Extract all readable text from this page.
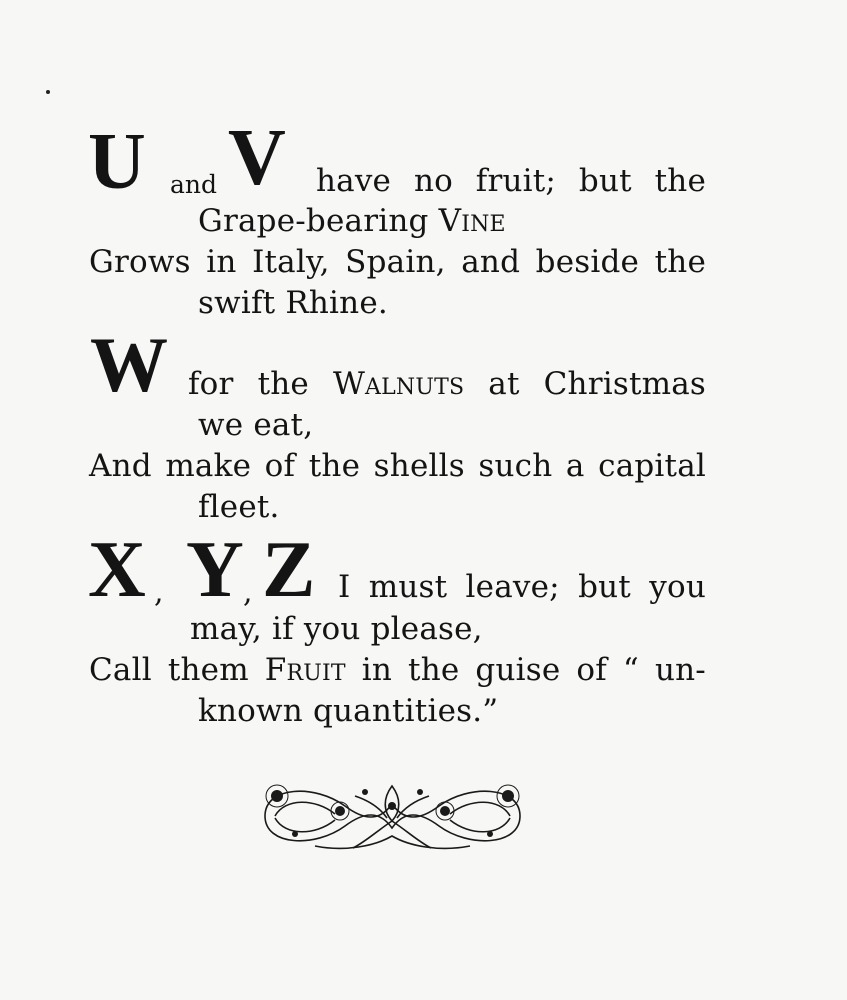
U and V have no fruit; but the
Grape-bearing Vine
Grows in Italy, Spain, and beside the
swift Rhine.
W for the Walnuts at Christmas
we eat,
And make of the shells such a capital
fleet.
X , Y , Z I must leave; but you
may, if you please,
Call them Fruit in the guise of “ un-
known quantities.”
